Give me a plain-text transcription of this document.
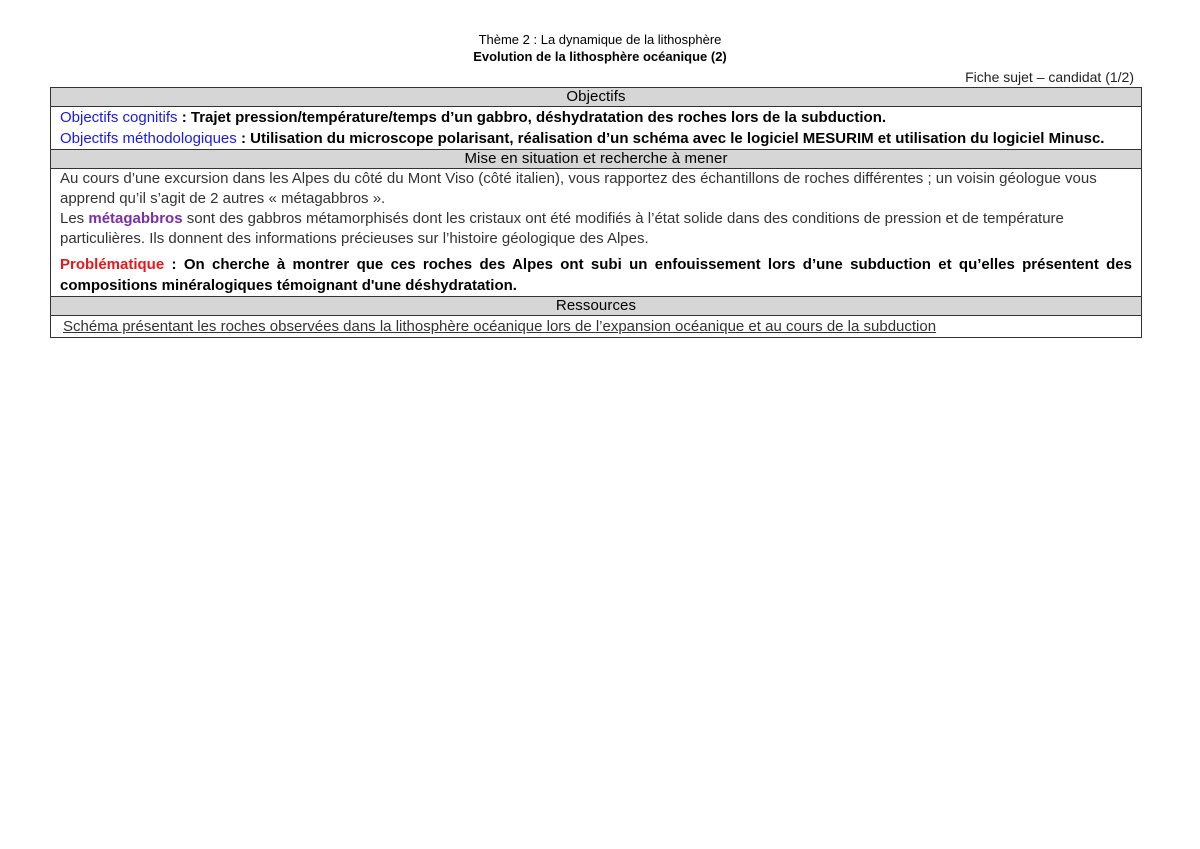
Thème 2 : La dynamique de la lithosphère
Evolution de la lithosphère océanique (2)
Fiche sujet – candidat (1/2)
Objectifs

Objectifs cognitifs : Trajet pression/température/temps d’un gabbro, déshydratation des roches lors de la subduction.
Objectifs méthodologiques : Utilisation du microscope polarisant, réalisation d’un schéma avec le logiciel MESURIM et utilisation du logiciel Minusc.

Mise en situation et recherche à mener

Au cours d’une excursion dans les Alpes du côté du Mont Viso (côté italien), vous rapportez des échantillons de roches différentes ; un voisin géologue vous apprend qu’il s’agit de 2 autres « métagabbros ».
Les métagabbros sont des gabbros métamorphisés dont les cristaux ont été modifiés à l’état solide dans des conditions de pression et de température particulières. Ils donnent des informations précieuses sur l’histoire géologique des Alpes.
Problématique : On cherche à montrer que ces roches des Alpes ont subi un enfouissement lors d’une subduction et qu’elles présentent des compositions minéralogiques témoignant d'une déshydratation.

Ressources
Schéma présentant les roches observées dans la lithosphère océanique lors de l’expansion océanique et au cours de la subduction
